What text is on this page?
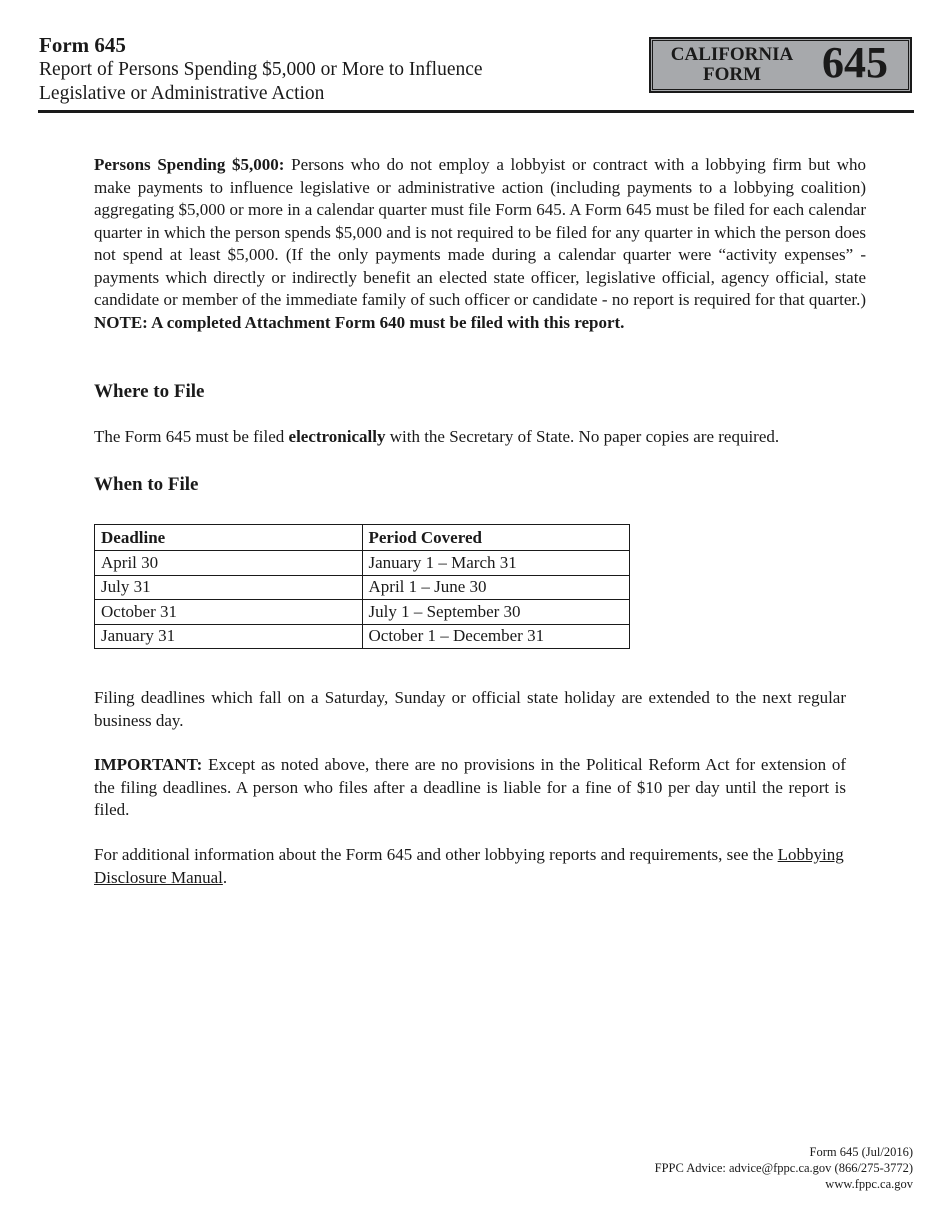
Form 645
Report of Persons Spending $5,000 or More to Influence
Legislative or Administrative Action
CALIFORNIA
FORM	645

Persons Spending $5,000: Persons who do not employ a lobbyist or contract with a lobbying firm but who make payments to influence legislative or administrative action (including payments to a lobbying coalition) aggregating $5,000 or more in a calendar quarter must file Form 645. A Form 645 must be filed for each calendar quarter in which the person spends $5,000 and is not required to be filed for any quarter in which the person does not spend at least $5,000. (If the only payments made during a calendar quarter were “activity expenses” - payments which directly or indirectly benefit an elected state officer, legislative official, agency official, state candidate or member of the immediate family of such officer or candidate - no report is required for that quarter.) NOTE: A completed Attachment Form 640 must be filed with this report.

Where to File

The Form 645 must be filed electronically with the Secretary of State. No paper copies are required.

When to File
Deadline	Period Covered
April 30	January 1 – March 31
July 31	April 1 – June 30
October 31	July 1 – September 30
January 31	October 1 – December 31

Filing deadlines which fall on a Saturday, Sunday or official state holiday are extended to the next regular business day.

IMPORTANT: Except as noted above, there are no provisions in the Political Reform Act for extension of the filing deadlines. A person who files after a deadline is liable for a fine of $10 per day until the report is filed.

For additional information about the Form 645 and other lobbying reports and requirements, see the Lobbying Disclosure Manual.

Form 645 (Jul/2016)
FPPC Advice: advice@fppc.ca.gov (866/275-3772)
www.fppc.ca.gov
